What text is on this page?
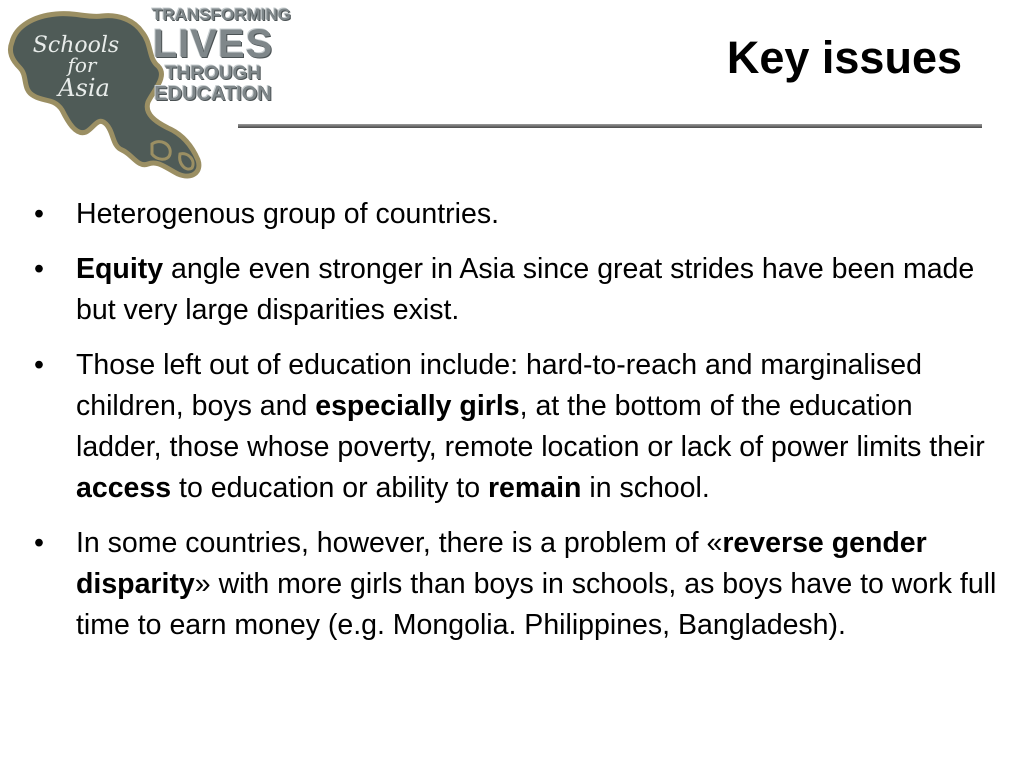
Schools
for
Asia
TRANSFORMING
LIVES
THROUGH
EDUCATION
Key issues
• Heterogenous group of countries.
• Equity angle even stronger in Asia since great strides have been made but very large disparities exist.
• Those left out of education include: hard-to-reach and marginalised children, boys and especially girls, at the bottom of the education ladder, those whose poverty, remote location or lack of power limits their access to education or ability to remain in school.
• In some countries, however, there is a problem of «reverse gender disparity» with more girls than boys in schools, as boys have to work full time to earn money (e.g. Mongolia. Philippines, Bangladesh).
